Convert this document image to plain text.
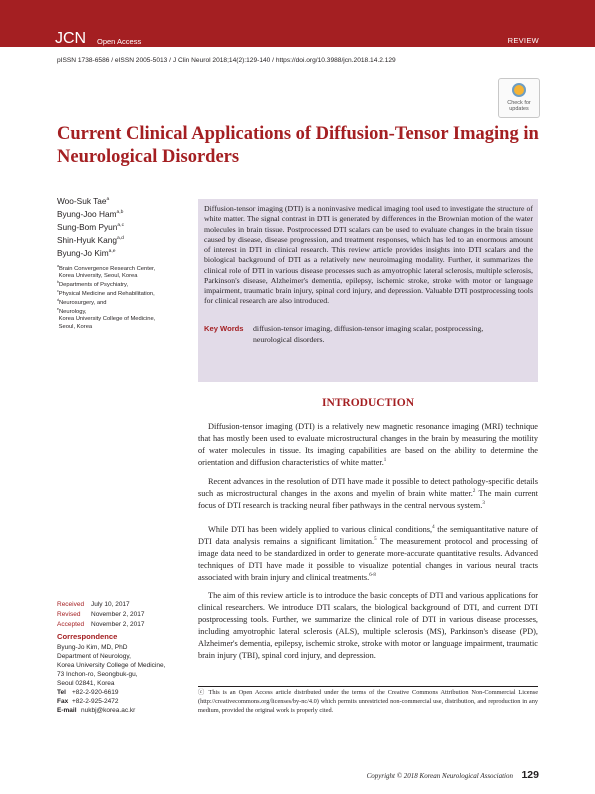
JCN Open Access	REVIEW
pISSN 1738-6586 / eISSN 2005-5013 / J Clin Neurol 2018;14(2):129-140 / https://doi.org/10.3988/jcn.2018.14.2.129
Check for updates
Current Clinical Applications of Diffusion-Tensor Imaging in Neurological Disorders
Woo-Suk Tae$^a$
Byung-Joo Ham$^{a,b}$
Sung-Bom Pyun$^{a,c}$
Shin-Hyuk Kang$^{a,d}$
Byung-Jo Kim$^{a,e}$
$^a$Brain Convergence Research Center,
Korea University, Seoul, Korea
$^b$Departments of Psychiatry,
$^c$Physical Medicine and Rehabilitation,
$^d$Neurosurgery, and
$^e$Neurology,
Korea University College of Medicine,
Seoul, Korea
Diffusion-tensor imaging (DTI) is a noninvasive medical imaging tool used to investigate the structure of white matter. The signal contrast in DTI is generated by differences in the Brownian motion of the water molecules in brain tissue. Postprocessed DTI scalars can be used to evaluate changes in the brain tissue caused by disease, disease progression, and treatment responses, which has led to an enormous amount of interest in DTI in clinical research. This review article provides insights into DTI scalars and the biological background of DTI as a relatively new neuroimaging modality. Further, it summarizes the clinical role of DTI in various disease processes such as amyotrophic lateral sclerosis, multiple sclerosis, Parkinson's disease, Alzheimer's dementia, epilepsy, ischemic stroke, stroke with motor or language impairment, traumatic brain injury, spinal cord injury, and depression. Valuable DTI postprocessing tools for clinical research are also introduced.
Key Words diffusion-tensor imaging, diffusion-tensor imaging scalar, postprocessing, neurological disorders.
INTRODUCTION
Diffusion-tensor imaging (DTI) is a relatively new magnetic resonance imaging (MRI) technique that has mostly been used to evaluate microstructural changes in the brain by measuring the motility of water molecules in tissue. Its imaging capabilities are based on the ability to determine the orientation and diffusion characteristics of white matter.$^1$
Recent advances in the resolution of DTI have made it possible to detect pathology-specific details such as microstructural changes in the axons and myelin of brain white matter.$^2$ The main current focus of DTI research is tracking neural fiber pathways in the central nervous system.$^3$
While DTI has been widely applied to various clinical conditions,$^4$ the semiquantitative nature of DTI data analysis remains a significant limitation.$^5$ The measurement protocol and processing of image data need to be standardized in order to generate more-accurate quantitative results. Advanced techniques of DTI have made it possible to visualize potential changes in various neural tracts associated with brain injury and clinical treatments.$^{6-8}$
The aim of this review article is to introduce the basic concepts of DTI and various applications for clinical researchers. We introduce DTI scalars, the biological background of DTI, and current DTI postprocessing tools. Further, we summarize the clinical role of DTI in various disease processes, including amyotrophic lateral sclerosis (ALS), multiple sclerosis (MS), Parkinson's disease (PD), Alzheimer's dementia, epilepsy, ischemic stroke, stroke with motor or language impairment, traumatic brain injury (TBI), spinal cord injury, and depression.
Received July 10, 2017
Revised November 2, 2017
Accepted November 2, 2017
Correspondence
Byung-Jo Kim, MD, PhD
Department of Neurology,
Korea University College of Medicine,
73 Inchon-ro, Seongbuk-gu,
Seoul 02841, Korea
Tel +82-2-920-6619
Fax +82-2-925-2472
E-mail nukbj@korea.ac.kr
ⓒ This is an Open Access article distributed under the terms of the Creative Commons Attribution Non-Commercial License (http://creativecommons.org/licenses/by-nc/4.0) which permits unrestricted non-commercial use, distribution, and reproduction in any medium, provided the original work is properly cited.
Copyright © 2018 Korean Neurological Association 129
